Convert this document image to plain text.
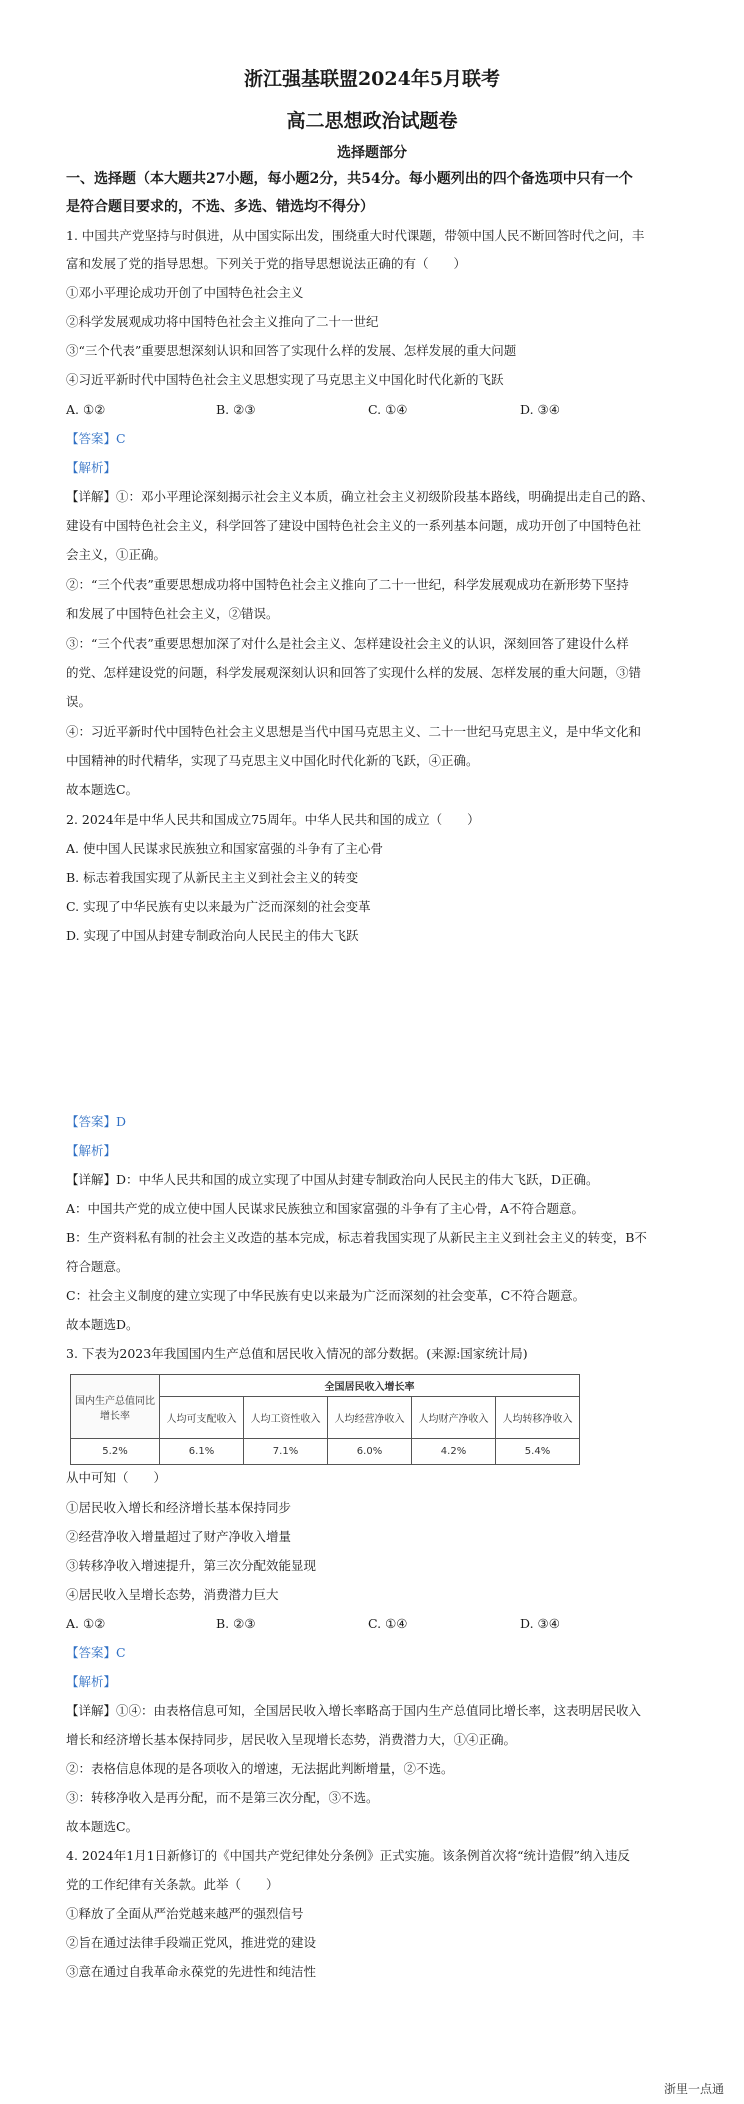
浙江强基联盟2024年5月联考
高二思想政治试题卷
选择题部分
一、选择题（本大题共27小题，每小题2分，共54分。每小题列出的四个备选项中只有一个
是符合题目要求的，不选、多选、错选均不得分）
1. 中国共产党坚持与时俱进，从中国实际出发，围绕重大时代课题，带领中国人民不断回答时代之问，丰
富和发展了党的指导思想。下列关于党的指导思想说法正确的有（　　）
①邓小平理论成功开创了中国特色社会主义
②科学发展观成功将中国特色社会主义推向了二十一世纪
③“三个代表”重要思想深刻认识和回答了实现什么样的发展、怎样发展的重大问题
④习近平新时代中国特色社会主义思想实现了马克思主义中国化时代化新的飞跃
A. ①②	B. ②③	C. ①④	D. ③④
【答案】C
【解析】
【详解】①：邓小平理论深刻揭示社会主义本质，确立社会主义初级阶段基本路线，明确提出走自己的路、
建设有中国特色社会主义，科学回答了建设中国特色社会主义的一系列基本问题，成功开创了中国特色社
会主义，①正确。
②：“三个代表”重要思想成功将中国特色社会主义推向了二十一世纪，科学发展观成功在新形势下坚持
和发展了中国特色社会主义，②错误。
③：“三个代表”重要思想加深了对什么是社会主义、怎样建设社会主义的认识，深刻回答了建设什么样
的党、怎样建设党的问题，科学发展观深刻认识和回答了实现什么样的发展、怎样发展的重大问题，③错
误。
④：习近平新时代中国特色社会主义思想是当代中国马克思主义、二十一世纪马克思主义，是中华文化和
中国精神的时代精华，实现了马克思主义中国化时代化新的飞跃，④正确。
故本题选C。
2. 2024年是中华人民共和国成立75周年。中华人民共和国的成立（　　）
A. 使中国人民谋求民族独立和国家富强的斗争有了主心骨
B. 标志着我国实现了从新民主主义到社会主义的转变
C. 实现了中华民族有史以来最为广泛而深刻的社会变革
D. 实现了中国从封建专制政治向人民民主的伟大飞跃
【答案】D
【解析】
【详解】D：中华人民共和国的成立实现了中国从封建专制政治向人民民主的伟大飞跃，D正确。
A：中国共产党的成立使中国人民谋求民族独立和国家富强的斗争有了主心骨，A不符合题意。
B：生产资料私有制的社会主义改造的基本完成，标志着我国实现了从新民主主义到社会主义的转变，B不
符合题意。
C：社会主义制度的建立实现了中华民族有史以来最为广泛而深刻的社会变革，C不符合题意。
故本题选D。
3. 下表为2023年我国国内生产总值和居民收入情况的部分数据。(来源:国家统计局)
国内生产总值同比增长率	全国居民收入增长率				
	人均可支配收入	人均工资性收入	人均经营净收入	人均财产净收入	人均转移净收入
5.2%	6.1%	7.1%	6.0%	4.2%	5.4%
从中可知（　　）
①居民收入增长和经济增长基本保持同步
②经营净收入增量超过了财产净收入增量
③转移净收入增速提升，第三次分配效能显现
④居民收入呈增长态势，消费潜力巨大
A. ①②	B. ②③	C. ①④	D. ③④
【答案】C
【解析】
【详解】①④：由表格信息可知，全国居民收入增长率略高于国内生产总值同比增长率，这表明居民收入
增长和经济增长基本保持同步，居民收入呈现增长态势，消费潜力大，①④正确。
②：表格信息体现的是各项收入的增速，无法据此判断增量，②不选。
③：转移净收入是再分配，而不是第三次分配，③不选。
故本题选C。
4. 2024年1月1日新修订的《中国共产党纪律处分条例》正式实施。该条例首次将“统计造假”纳入违反
党的工作纪律有关条款。此举（　　）
①释放了全面从严治党越来越严的强烈信号
②旨在通过法律手段端正党风，推进党的建设
③意在通过自我革命永葆党的先进性和纯洁性
浙里一点通
